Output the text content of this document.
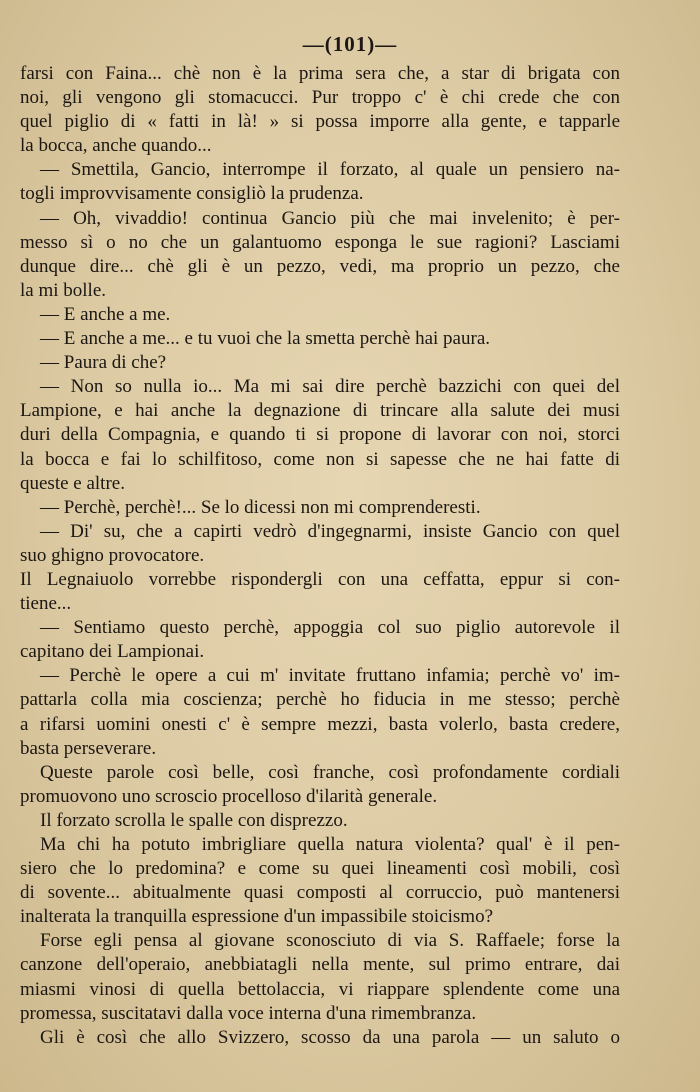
—(101)—
farsi con Faina... chè non è la prima sera che, a star di brigata con
noi, gli vengono gli stomacucci. Pur troppo c' è chi crede che con
quel piglio di « fatti in là! » si possa imporre alla gente, e tapparle
la bocca, anche quando...
— Smettila, Gancio, interrompe il forzato, al quale un pensiero na-
togli improvvisamente consigliò la prudenza.
— Oh, vivaddio! continua Gancio più che mai invelenito; è per-
messo sì o no che un galantuomo esponga le sue ragioni? Lasciami
dunque dire... chè gli è un pezzo, vedi, ma proprio un pezzo, che
la mi bolle.
— E anche a me.
— E anche a me... e tu vuoi che la smetta perchè hai paura.
— Paura di che?
— Non so nulla io... Ma mi sai dire perchè bazzichi con quei del
Lampione, e hai anche la degnazione di trincare alla salute dei musi
duri della Compagnia, e quando ti si propone di lavorar con noi, storci
la bocca e fai lo schilfitoso, come non si sapesse che ne hai fatte di
queste e altre.
— Perchè, perchè!... Se lo dicessi non mi comprenderesti.
— Di' su, che a capirti vedrò d'ingegnarmi, insiste Gancio con quel
suo ghigno provocatore.
Il Legnaiuolo vorrebbe rispondergli con una ceffatta, eppur si con-
tiene...
— Sentiamo questo perchè, appoggia col suo piglio autorevole il
capitano dei Lampionai.
— Perchè le opere a cui m' invitate fruttano infamia; perchè vo' im-
pattarla colla mia coscienza; perchè ho fiducia in me stesso; perchè
a rifarsi uomini onesti c' è sempre mezzi, basta volerlo, basta credere,
basta perseverare.
Queste parole così belle, così franche, così profondamente cordiali
promuovono uno scroscio procelloso d'ilarità generale.
Il forzato scrolla le spalle con disprezzo.
Ma chi ha potuto imbrigliare quella natura violenta? qual' è il pen-
siero che lo predomina? e come su quei lineamenti così mobili, così
di sovente... abitualmente quasi composti al corruccio, può mantenersi
inalterata la tranquilla espressione d'un impassibile stoicismo?
Forse egli pensa al giovane sconosciuto di via S. Raffaele; forse la
canzone dell'operaio, anebbiatagli nella mente, sul primo entrare, dai
miasmi vinosi di quella bettolaccia, vi riappare splendente come una
promessa, suscitatavi dalla voce interna d'una rimembranza.
Gli è così che allo Svizzero, scosso da una parola — un saluto o
